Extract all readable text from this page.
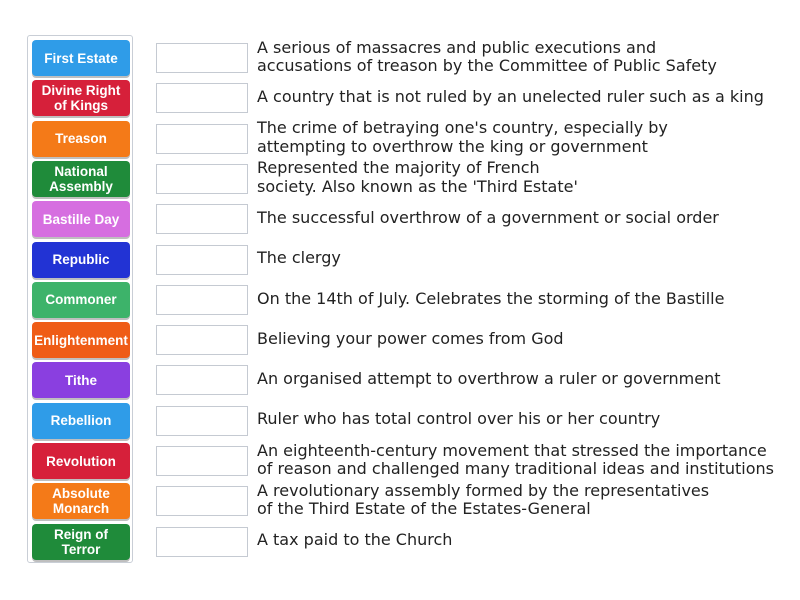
First Estate
Divine Right
of Kings
Treason
National
Assembly
Bastille Day
Republic
Commoner
Enlightenment
Tithe
Rebellion
Revolution
Absolute
Monarch
Reign of
Terror
A serious of massacres and public executions and
accusations of treason by the Committee of Public Safety
A country that is not ruled by an unelected ruler such as a king
The crime of betraying one's country, especially by
attempting to overthrow the king or government
Represented the majority of French
society. Also known as the 'Third Estate'
The successful overthrow of a government or social order
The clergy
On the 14th of July. Celebrates the storming of the Bastille
Believing your power comes from God
An organised attempt to overthrow a ruler or government
Ruler who has total control over his or her country
An eighteenth-century movement that stressed the importance
of reason and challenged many traditional ideas and institutions
A revolutionary assembly formed by the representatives
of the Third Estate of the Estates-General
A tax paid to the Church
